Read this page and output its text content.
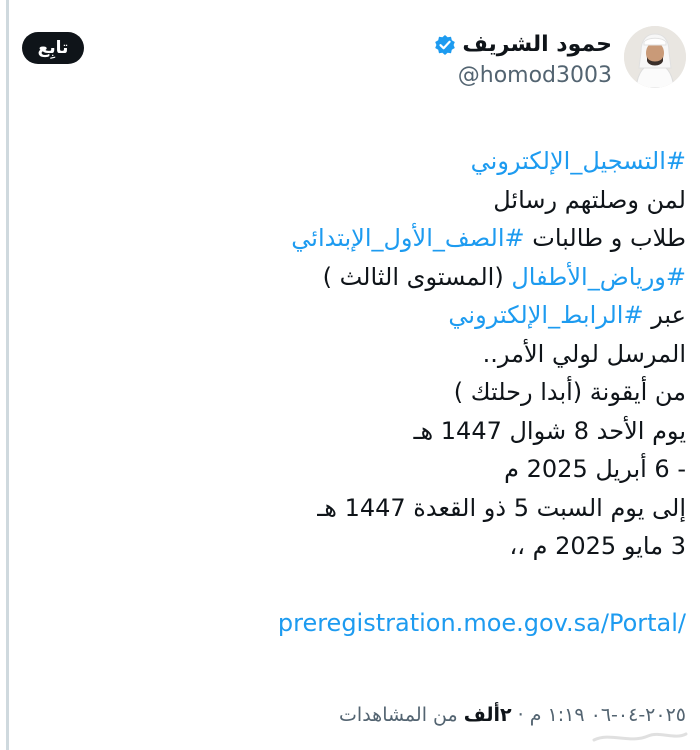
حمود الشريف
@homod3003
تابِع
#التسجيل_الإلكتروني
لمن وصلتهم رسائل
طلاب و طالبات #الصف_الأول_الإبتدائي
#ورياض_الأطفال (المستوى الثالث )
عبر #الرابط_الإلكتروني
المرسل لولي الأمر..
من أيقونة (أبدا رحلتك )
يوم الأحد 8 شوال 1447 هـ
- 6 أبريل 2025 م
إلى يوم السبت 5 ذو القعدة 1447 هـ
3 مايو 2025 م ،،
preregistration.moe.gov.sa/Portal/
٢٠٢٥-٠٤-٠٦ ١:١٩ م · ٢ألف من المشاهدات
